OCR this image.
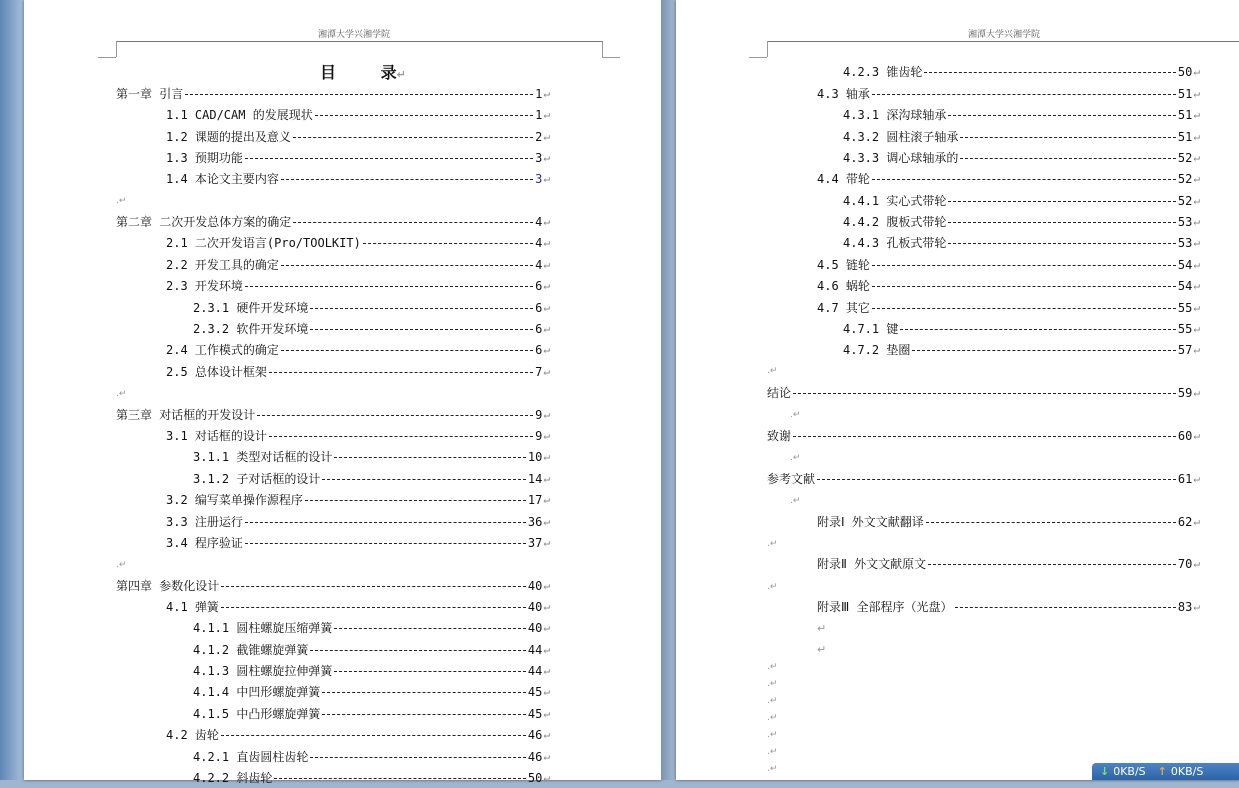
湘潭大学兴湘学院	湘潭大学兴湘学院
目        录↵
第一章 引言	1 ↵
1.1 CAD/CAM 的发展现状	1 ↵
1.2 课题的提出及意义	2 ↵
1.3 预期功能	3 ↵
1.4 本论文主要内容	3 ↵
第二章 二次开发总体方案的确定	4 ↵
2.1 二次开发语言(Pro/TOOLKIT)	4 ↵
2.2 开发工具的确定	4 ↵
2.3 开发环境	6 ↵
2.3.1 硬件开发环境	6 ↵
2.3.2 软件开发环境	6 ↵
2.4 工作模式的确定	6 ↵
2.5 总体设计框架	7 ↵
第三章 对话框的开发设计	9 ↵
3.1 对话框的设计	9 ↵
3.1.1 类型对话框的设计	10 ↵
3.1.2 子对话框的设计	14 ↵
3.2 编写菜单操作源程序	17 ↵
3.3 注册运行	36 ↵
3.4 程序验证	37 ↵
第四章 参数化设计	40 ↵
4.1 弹簧	40 ↵
4.1.1 圆柱螺旋压缩弹簧	40 ↵
4.1.2 截锥螺旋弹簧	44 ↵
4.1.3 圆柱螺旋拉伸弹簧	44 ↵
4.1.4 中凹形螺旋弹簧	45 ↵
4.1.5 中凸形螺旋弹簧	45 ↵
4.2 齿轮	46 ↵
4.2.1 直齿圆柱齿轮	46 ↵
4.2.2 斜齿轮	50 ↵
4.2.3 锥齿轮	50 ↵
4.3 轴承	51 ↵
4.3.1 深沟球轴承	51 ↵
4.3.2 圆柱滚子轴承	51 ↵
4.3.3 调心球轴承的	52 ↵
4.4 带轮	52 ↵
4.4.1 实心式带轮	52 ↵
4.4.2 腹板式带轮	53 ↵
4.4.3 孔板式带轮	53 ↵
4.5 链轮	54 ↵
4.6 蜗轮	54 ↵
4.7 其它	55 ↵
4.7.1 键	55 ↵
4.7.2 垫圈	57 ↵
结论	59 ↵
致谢	60 ↵
参考文献	61 ↵
附录Ⅰ 外文文献翻译	62 ↵
附录Ⅱ 外文文献原文	70 ↵
附录Ⅲ 全部程序（光盘）	83 ↵
.↵
.↵
.↵
.↵
.↵
.↵
.↵
.↵
.↵
↵
↵
.↵
.↵
.↵
.↵
.↵
.↵
.↵	↓ 0KB/S ↑ 0KB/S
